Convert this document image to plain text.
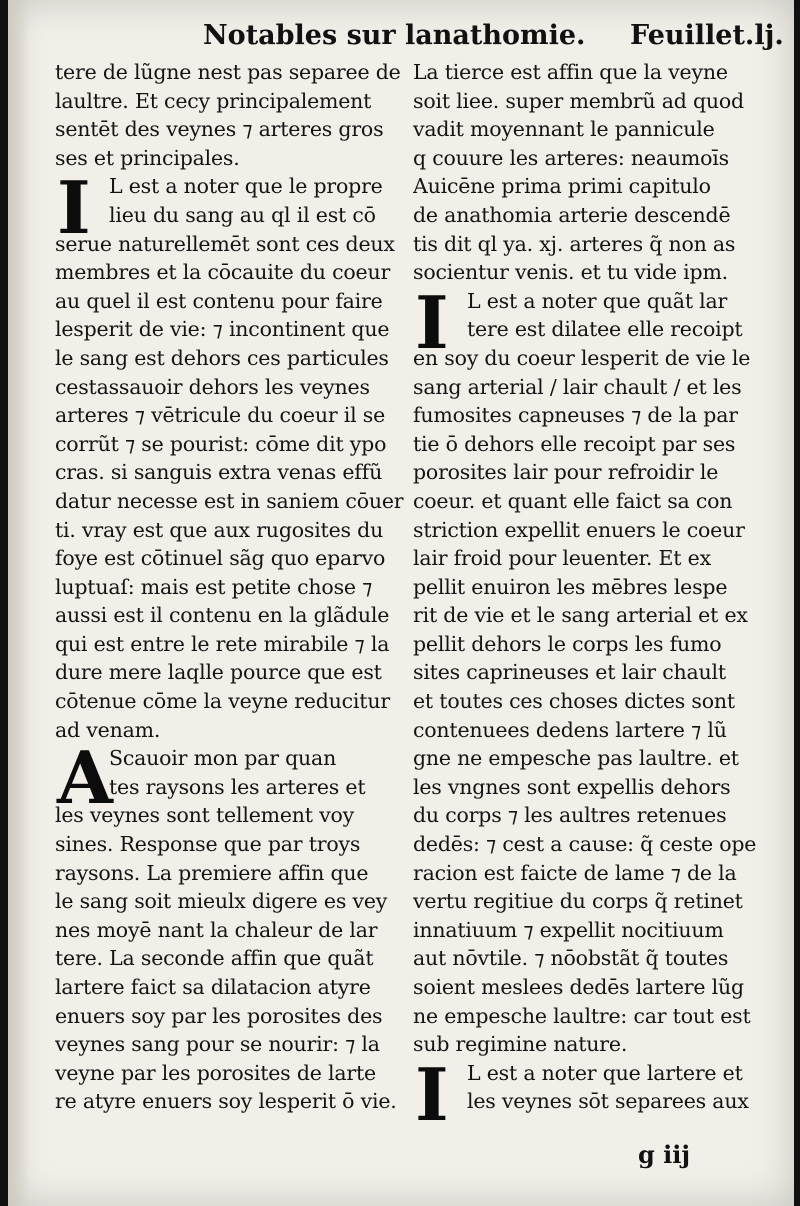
Notables sur lanathomie. Feuillet.lj.
tere de lũgne nest pas separee de
laultre. Et cecy principalement
sentēt des veynes ⁊ arteres gros
ses et principales.
I L est a noter que le propre
lieu du sang au ql il est cō
serue naturellemēt sont ces deux
membres et la cōcauite du coeur
au quel il est contenu pour faire
lesperit de vie: ⁊ incontinent que
le sang est dehors ces particules
cestassauoir dehors les veynes
arteres ⁊ vētricule du coeur il se
corrũt ⁊ se pourist: cōme dit ypo
cras. si sanguis extra venas effũ
datur necesse est in saniem cōuer
ti. vray est que aux rugosites du
foye est cōtinuel sãg quo eparvo
luptuaſ: mais est petite chose ⁊
aussi est il contenu en la glãdule
qui est entre le rete mirabile ⁊ la
dure mere laqlle pource que est
cōtenue cōme la veyne reducitur
ad venam.
A
Scauoir mon par quan
tes raysons les arteres et
les veynes sont tellement voy
sines. Response que par troys
raysons. La premiere affin que
le sang soit mieulx digere es vey
nes moyē nant la chaleur de lar
tere. La seconde affin que quãt
lartere faict sa dilatacion atyre
enuers soy par les porosites des
veynes sang pour se nourir: ⁊ la
veyne par les porosites de larte
re atyre enuers soy lesperit ō vie.
La tierce est affin que la veyne
soit liee. super membrũ ad quod
vadit moyennant le pannicule
q couure les arteres: neaumoīs
Auicēne prima primi capitulo
de anathomia arterie descendē
tis dit ql ya. xj. arteres q̃ non as
socientur venis. et tu vide ipm.
I L est a noter que quãt lar
tere est dilatee elle recoipt
en soy du coeur lesperit de vie le
sang arterial / lair chault / et les
fumosites capneuses ⁊ de la par
tie ō dehors elle recoipt par ses
porosites lair pour refroidir le
coeur. et quant elle faict sa con
striction expellit enuers le coeur
lair froid pour leuenter. Et ex
pellit enuiron les mēbres lespe
rit de vie et le sang arterial et ex
pellit dehors le corps les fumo
sites caprineuses et lair chault
et toutes ces choses dictes sont
contenuees dedens lartere ⁊ lũ
gne ne empesche pas laultre. et
les vngnes sont expellis dehors
du corps ⁊ les aultres retenues
dedēs: ⁊ cest a cause: q̃ ceste ope
racion est faicte de lame ⁊ de la
vertu regitiue du corps q̃ retinet
innatiuum ⁊ expellit nocitiuum
aut nōvtile. ⁊ nōobstãt q̃ toutes
soient meslees dedēs lartere lũg
ne empesche laultre: car tout est
sub regimine nature.
I L est a noter que lartere et
les veynes sōt separees aux
g iij
